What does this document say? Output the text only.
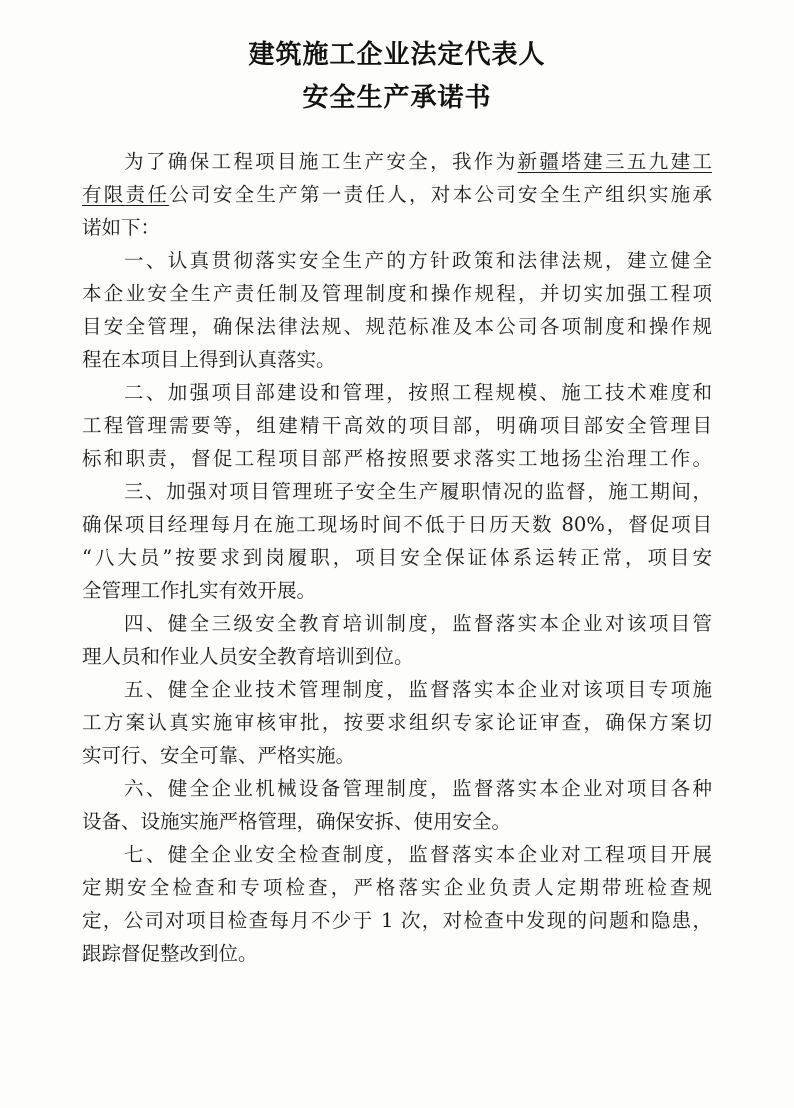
建筑施工企业法定代表人
安全生产承诺书
为了确保工程项目施工生产安全，我作为新疆塔建三五九建工
有限责任公司安全生产第一责任人，对本公司安全生产组织实施承
诺如下：
一、认真贯彻落实安全生产的方针政策和法律法规，建立健全
本企业安全生产责任制及管理制度和操作规程，并切实加强工程项
目安全管理，确保法律法规、规范标准及本公司各项制度和操作规
程在本项目上得到认真落实。
二、加强项目部建设和管理，按照工程规模、施工技术难度和
工程管理需要等，组建精干高效的项目部，明确项目部安全管理目
标和职责，督促工程项目部严格按照要求落实工地扬尘治理工作。
三、加强对项目管理班子安全生产履职情况的监督，施工期间，
确保项目经理每月在施工现场时间不低于日历天数 80%，督促项目
“八大员”按要求到岗履职，项目安全保证体系运转正常，项目安
全管理工作扎实有效开展。
四、健全三级安全教育培训制度，监督落实本企业对该项目管
理人员和作业人员安全教育培训到位。
五、健全企业技术管理制度，监督落实本企业对该项目专项施
工方案认真实施审核审批，按要求组织专家论证审查，确保方案切
实可行、安全可靠、严格实施。
六、健全企业机械设备管理制度，监督落实本企业对项目各种
设备、设施实施严格管理，确保安拆、使用安全。
七、健全企业安全检查制度，监督落实本企业对工程项目开展
定期安全检查和专项检查，严格落实企业负责人定期带班检查规
定，公司对项目检查每月不少于 1 次，对检查中发现的问题和隐患，
跟踪督促整改到位。
